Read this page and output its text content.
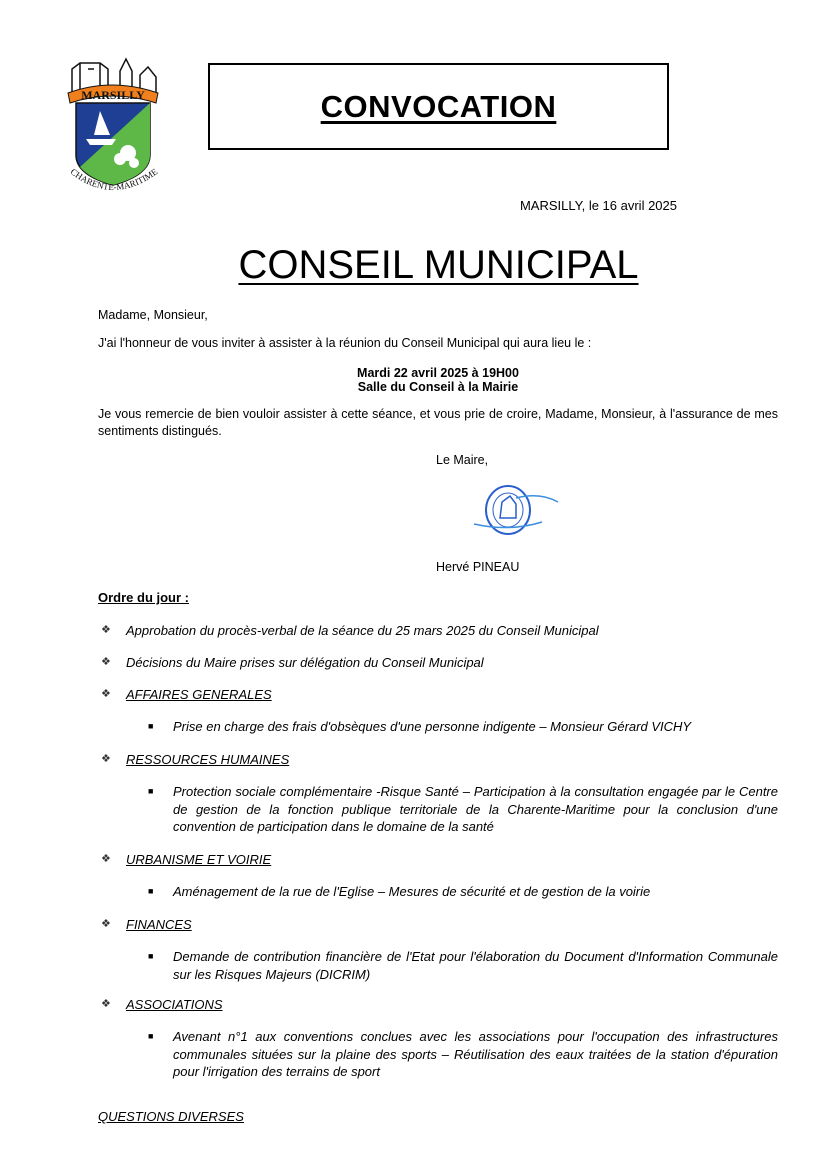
MARSILLY
CHARENTE-MARITIME
CONVOCATION
MARSILLY, le 16 avril 2025
CONSEIL MUNICIPAL
Madame, Monsieur,
J'ai l'honneur de vous inviter à assister à la réunion du Conseil Municipal qui aura lieu le :
Mardi 22 avril 2025 à 19H00
Salle du Conseil à la Mairie
Je vous remercie de bien vouloir assister à cette séance, et vous prie de croire, Madame, Monsieur, à l'assurance de mes sentiments distingués.
Le Maire,
Hervé PINEAU
Ordre du jour :
❖	Approbation du procès-verbal de la séance du 25 mars 2025 du Conseil Municipal
❖	Décisions du Maire prises sur délégation du Conseil Municipal
❖	AFFAIRES GENERALES
■	Prise en charge des frais d'obsèques d'une personne indigente – Monsieur Gérard VICHY
❖	RESSOURCES HUMAINES
■	Protection sociale complémentaire -Risque Santé – Participation à la consultation engagée par le Centre de gestion de la fonction publique territoriale de la Charente-Maritime pour la conclusion d'une convention de participation dans le domaine de la santé
❖	URBANISME ET VOIRIE
■	Aménagement de la rue de l'Eglise – Mesures de sécurité et de gestion de la voirie
❖	FINANCES
■	Demande de contribution financière de l'Etat pour l'élaboration du Document d'Information Communale sur les Risques Majeurs (DICRIM)
❖	ASSOCIATIONS
■	Avenant n°1 aux conventions conclues avec les associations pour l'occupation des infrastructures communales situées sur la plaine des sports – Réutilisation des eaux traitées de la station d'épuration pour l'irrigation des terrains de sport
QUESTIONS DIVERSES
